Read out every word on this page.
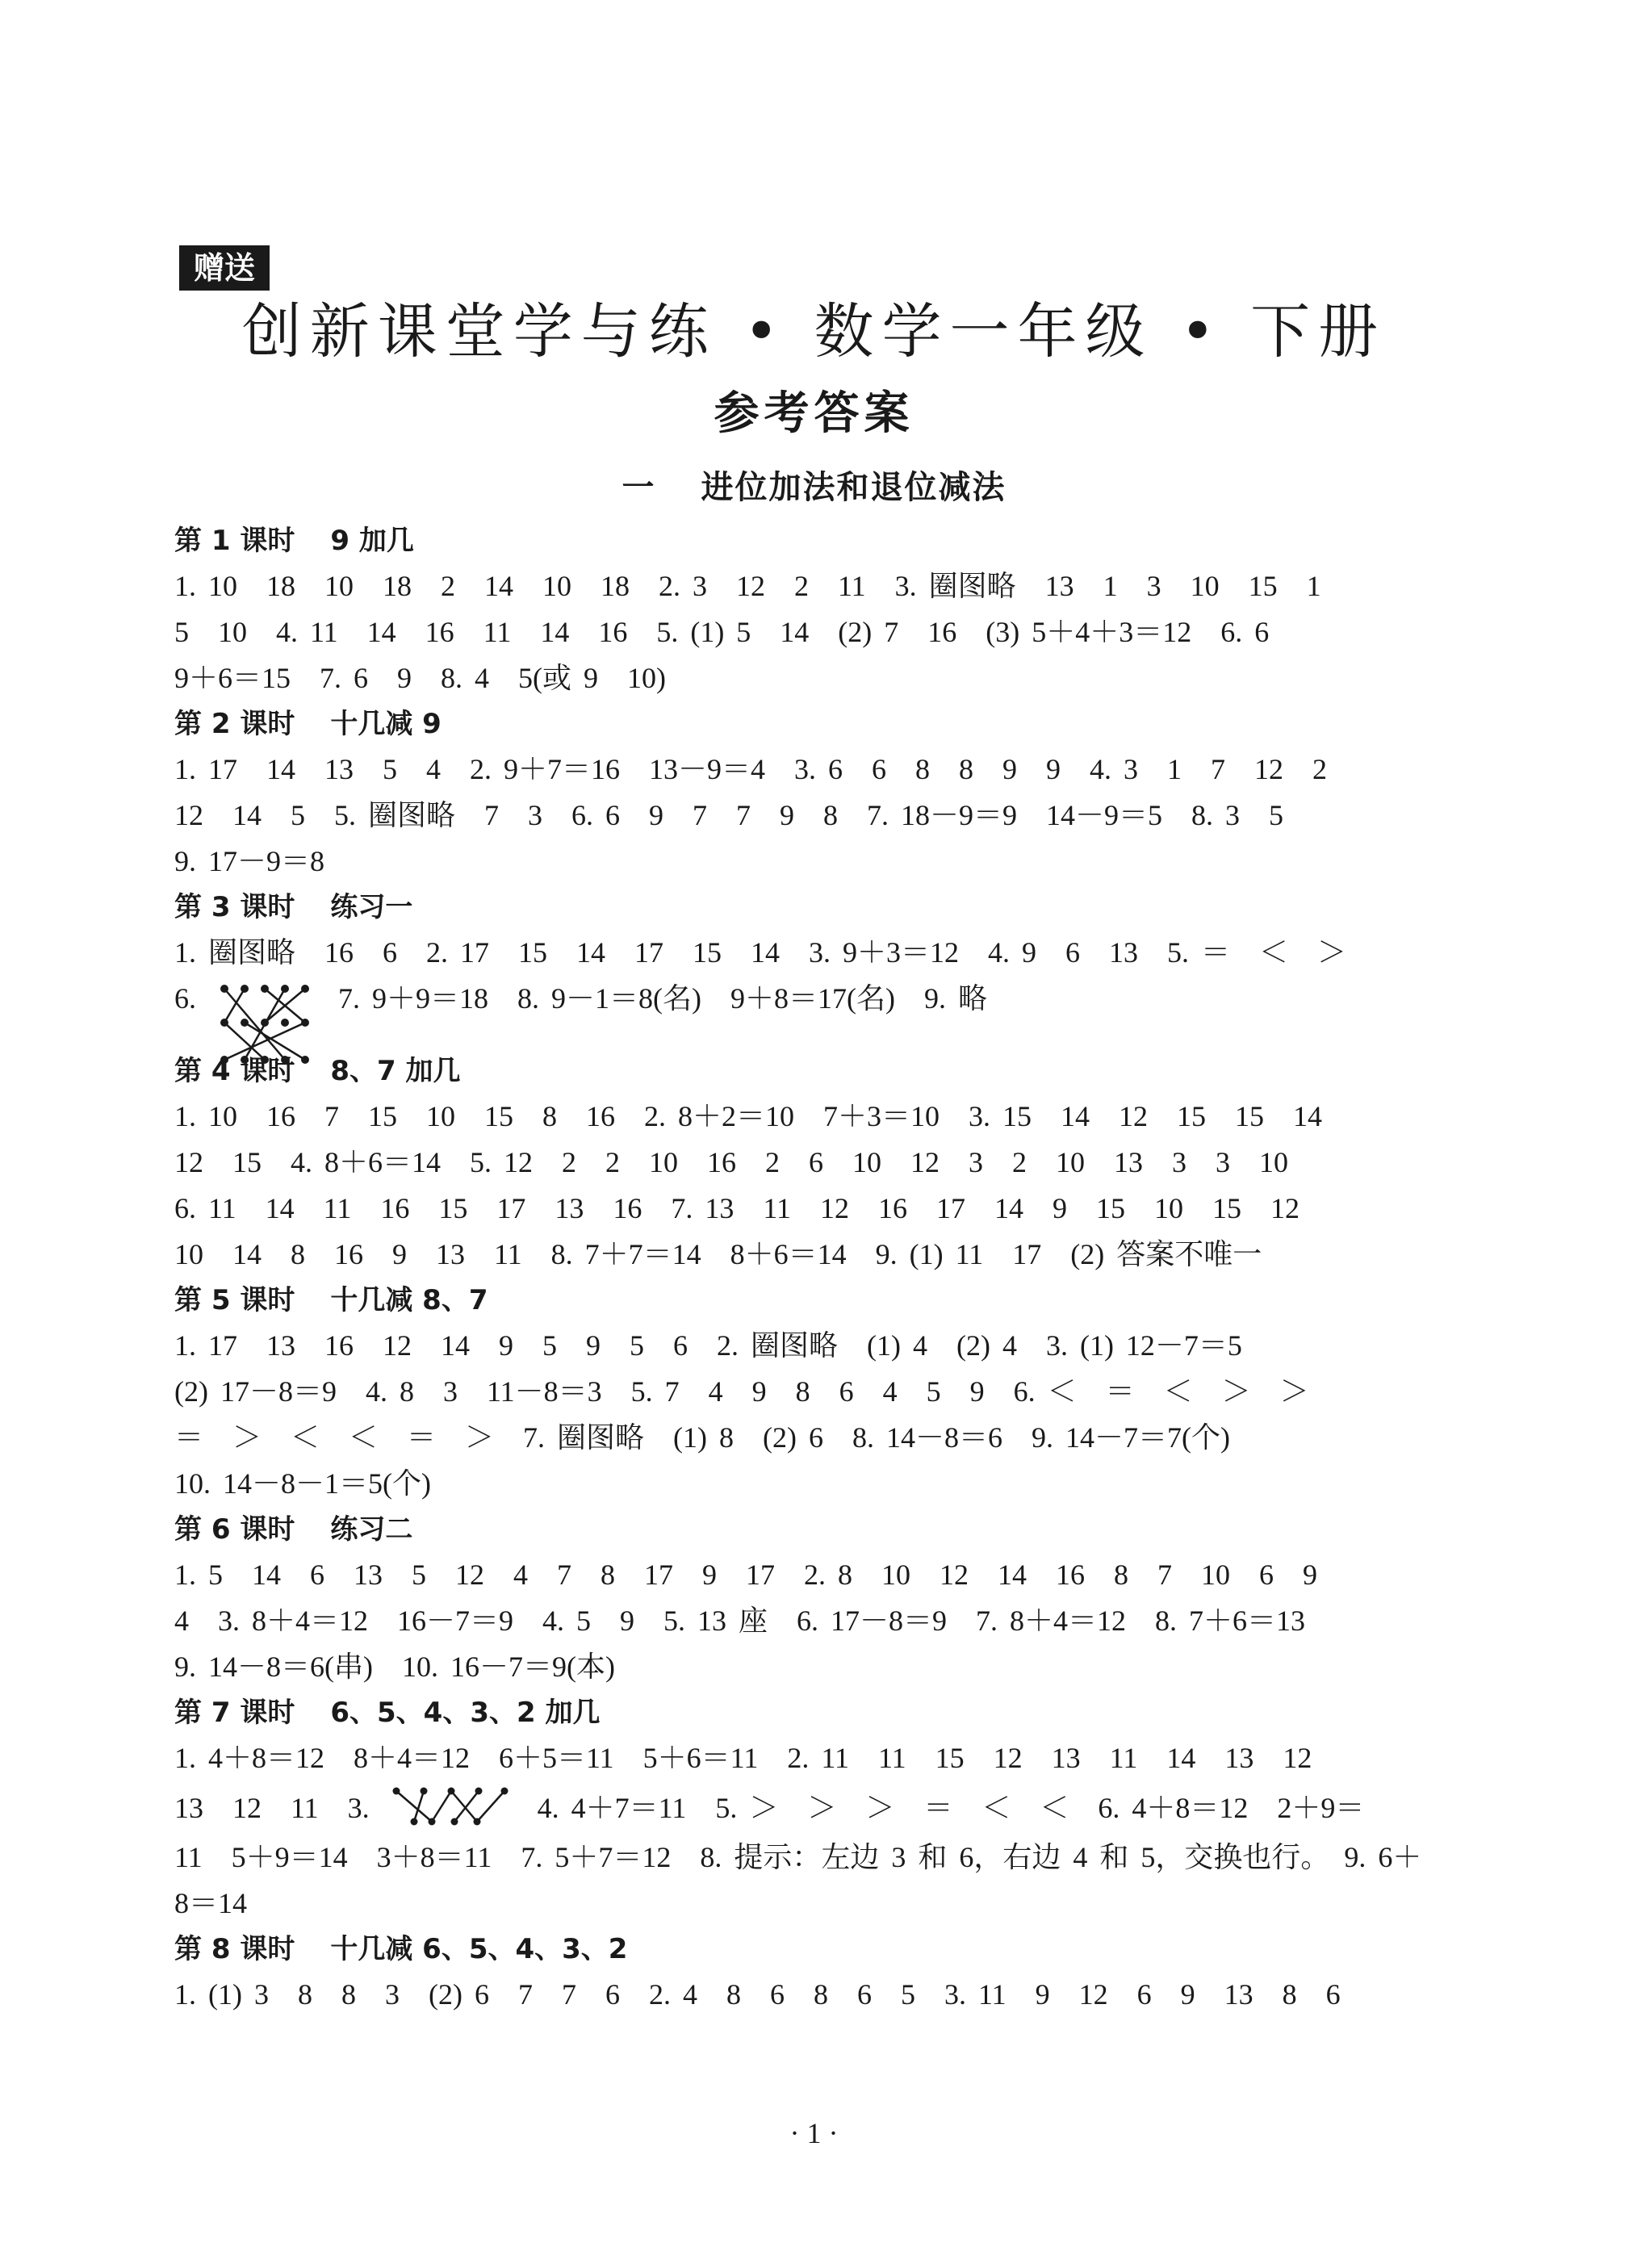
赠送
创新课堂学与练 • 数学一年级 • 下册
参考答案
一 进位加法和退位减法
第 1 课时 9 加几
1. 10　18　10　18　2　14　10　18　2. 3　12　2　11　3. 圈图略　13　1　3　10　15　1
5　10　4. 11　14　16　11　14　16　5. (1) 5　14　(2) 7　16　(3) 5＋4＋3＝12　6. 6
9＋6＝15　7. 6　9　8. 4　5(或 9　10)
第 2 课时 十几减 9
1. 17　14　13　5　4　2. 9＋7＝16　13－9＝4　3. 6　6　8　8　9　9　4. 3　1　7　12　2
12　14　5　5. 圈图略　7　3　6. 6　9　7　7　9　8　7. 18－9＝9　14－9＝5　8. 3　5
9. 17－9＝8
第 3 课时 练习一
1. 圈图略　16　6　2. 17　15　14　17　15　14　3. 9＋3＝12　4. 9　6　13　5. ＝　＜　＞
6.	7. 9＋9＝18　8. 9－1＝8(名)　9＋8＝17(名)　9. 略
第 4 课时 8、7 加几
1. 10　16　7　15　10　15　8　16　2. 8＋2＝10　7＋3＝10　3. 15　14　12　15　15　14
12　15　4. 8＋6＝14　5. 12　2　2　10　16　2　6　10　12　3　2　10　13　3　3　10
6. 11　14　11　16　15　17　13　16　7. 13　11　12　16　17　14　9　15　10　15　12
10　14　8　16　9　13　11　8. 7＋7＝14　8＋6＝14　9. (1) 11　17　(2) 答案不唯一
第 5 课时 十几减 8、7
1. 17　13　16　12　14　9　5　9　5　6　2. 圈图略　(1) 4　(2) 4　3. (1) 12－7＝5
(2) 17－8＝9　4. 8　3　11－8＝3　5. 7　4　9　8　6　4　5　9　6. ＜　＝　＜　＞　＞
＝　＞　＜　＜　＝　＞　7. 圈图略　(1) 8　(2) 6　8. 14－8＝6　9. 14－7＝7(个)
10. 14－8－1＝5(个)
第 6 课时 练习二
1. 5　14　6　13　5　12　4　7　8　17　9　17　2. 8　10　12　14　16　8　7　10　6　9
4　3. 8＋4＝12　16－7＝9　4. 5　9　5. 13 座　6. 17－8＝9　7. 8＋4＝12　8. 7＋6＝13
9. 14－8＝6(串)　10. 16－7＝9(本)
第 7 课时 6、5、4、3、2 加几
1. 4＋8＝12　8＋4＝12　6＋5＝11　5＋6＝11　2. 11　11　15　12　13　11　14　13　12
13　12　11　3.	4. 4＋7＝11　5. ＞　＞　＞　＝　＜　＜　6. 4＋8＝12　2＋9＝
11　5＋9＝14　3＋8＝11　7. 5＋7＝12　8. 提示：左边 3 和 6，右边 4 和 5，交换也行。　9. 6＋
8＝14
第 8 课时 十几减 6、5、4、3、2
1. (1) 3　8　8　3　(2) 6　7　7　6　2. 4　8　6　8　6　5　3. 11　9　12　6　9　13　8　6
· 1 ·
